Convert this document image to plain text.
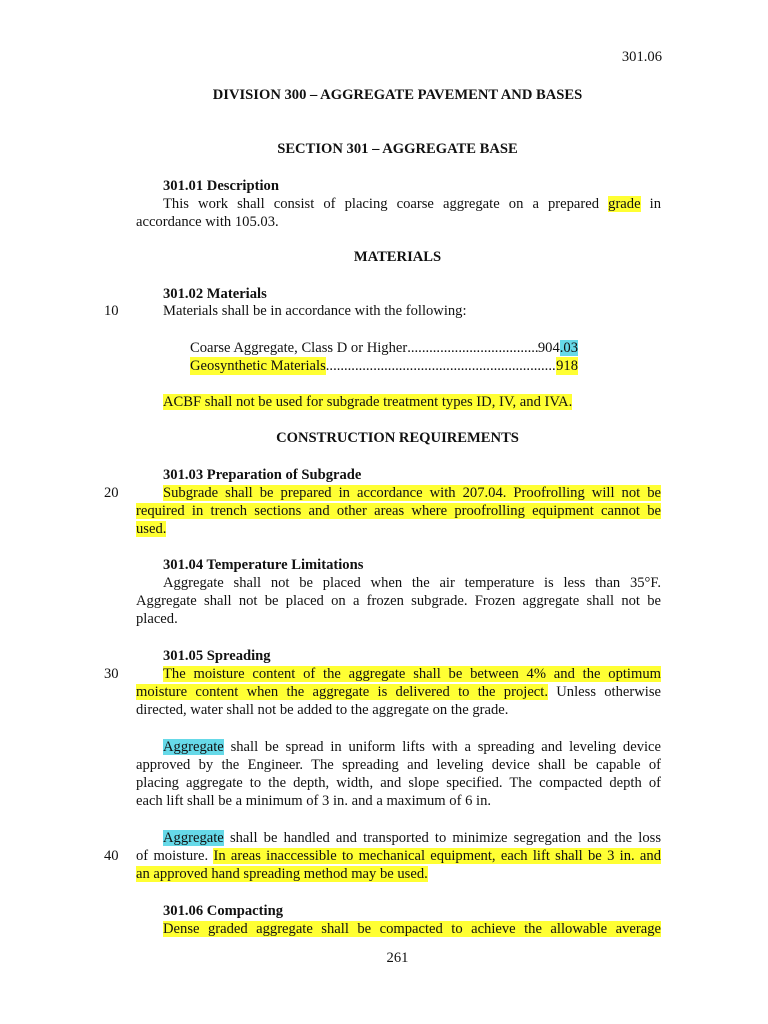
301.06
DIVISION 300 – AGGREGATE PAVEMENT AND BASES
SECTION 301 – AGGREGATE BASE
301.01 Description
This work shall consist of placing coarse aggregate on a prepared grade in
accordance with 105.03.
MATERIALS
301.02 Materials
10	Materials shall be in accordance with the following:
Coarse Aggregate, Class D or Higher .....	904.03
Geosynthetic Materials .....	918
ACBF shall not be used for subgrade treatment types ID, IV, and IVA.
CONSTRUCTION REQUIREMENTS
301.03 Preparation of Subgrade
20	Subgrade shall be prepared in accordance with 207.04. Proofrolling will not be
required in trench sections and other areas where proofrolling equipment cannot be
used.
301.04 Temperature Limitations
Aggregate shall not be placed when the air temperature is less than 35°F.
Aggregate shall not be placed on a frozen subgrade. Frozen aggregate shall not be
placed.
301.05 Spreading
30	The moisture content of the aggregate shall be between 4% and the optimum
moisture content when the aggregate is delivered to the project. Unless otherwise
directed, water shall not be added to the aggregate on the grade.
Aggregate shall be spread in uniform lifts with a spreading and leveling device
approved by the Engineer. The spreading and leveling device shall be capable of
placing aggregate to the depth, width, and slope specified. The compacted depth of
each lift shall be a minimum of 3 in. and a maximum of 6 in.
Aggregate shall be handled and transported to minimize segregation and the loss
40	of moisture. In areas inaccessible to mechanical equipment, each lift shall be 3 in. and
an approved hand spreading method may be used.
301.06 Compacting
Dense graded aggregate shall be compacted to achieve the allowable average
261
